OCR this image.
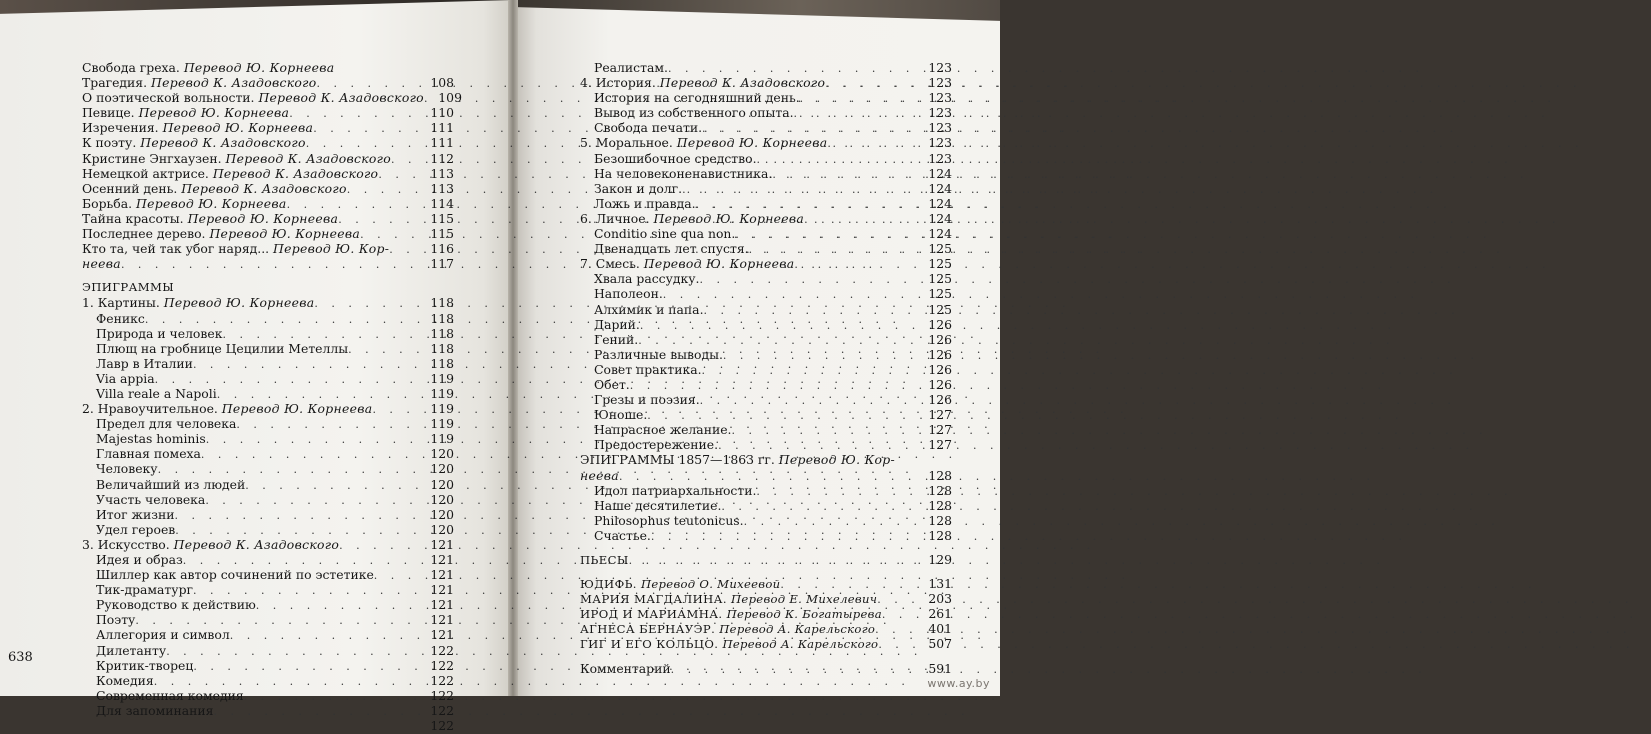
Свобода греха. Перевод Ю. Корнеева
Трагедия. Перевод К. Азадовского . . .	108
О поэтической вольности. Перевод К. Азадовского . . .	109
Певице. Перевод Ю. Корнеева . . .	110
Изречения. Перевод Ю. Корнеева . . .	111
К поэту. Перевод К. Азадовского . . .	111
Кристине Энгхаузен. Перевод К. Азадовского . . .	112
Немецкой актрисе. Перевод К. Азадовского . . .	113
Осенний день. Перевод К. Азадовского . . .	113
Борьба. Перевод Ю. Корнеева . . .	114
Тайна красоты. Перевод Ю. Корнеева . . .	115
Последнее дерево. Перевод Ю. Корнеева . . .	115
Кто та, чей так убог наряд... Перевод Ю. Кор- . . .	116
неева . . .	117
ЭПИГРАММЫ
1. Картины. Перевод Ю. Корнеева . . .	118
Феникс . . .	118
Природа и человек . . .	118
Плющ на гробнице Цецилии Метеллы . . .	118
Лавр в Италии . . .	118
Via appia . . .	119
Villa reale a Napoli . . .	119
2. Нравоучительное. Перевод Ю. Корнеева . . .	119
Предел для человека . . .	119
Majestas hominis . . .	119
Главная помеха . . .	120
Человеку . . .	120
Величайший из людей . . .	120
Участь человека . . .	120
Итог жизни . . .	120
Удел героев . . .	120
3. Искусство. Перевод К. Азадовского . . .	121
Идея и образ . . .	121
Шиллер как автор сочинений по эстетике . . .	121
Тик-драматург . . .	121
Руководство к действию . . .	121
Поэту . . .	121
Аллегория и символ . . .	121
Дилетанту . . .	122
Критик-творец . . .	122
Комедия . . .	122
Современная комедия . . .	122
Для запоминания . . .	122
122
Реалистам. . . .	123
4. История. Перевод К. Азадовского . . .	123
История на сегодняшний день. . . .	123
Вывод из собственного опыта. . . .	123
Свобода печати. . . .	123
5. Моральное. Перевод Ю. Корнеева . . .	123
Безошибочное средство. . . .	123
На человеконенавистника. . . .	124
Закон и долг. . . .	124
Ложь и правда. . . .	124
6. Личное. Перевод Ю. Корнеева . . .	124
Conditio sine qua non. . . .	124
Двенадцать лет спустя. . . .	125
7. Смесь. Перевод Ю. Корнеева . . .	125
Хвала рассудку. . . .	125
Наполеон. . . .	125
Алхимик и папа. . . .	125
Дарий. . . .	126
Гений. . . .	126
Различные выводы. . . .	126
Совет практика. . . .	126
Обет. . . .	126
Грезы и поэзия. . . .	126
Юноше. . . .	127
Напрасное желание. . . .	127
Предостережение. . . .	127
ЭПИГРАММЫ 1857—1863 гг. Перевод Ю. Кор-
неева . . .	128
Идол патриархальности. . . .	128
Наше десятилетие. . . .	128
Philosophus teutonicus. . . .	128
Счастье. . . .	128
ПЬЕСЫ . . .	129
ЮДИФЬ. Перевод О. Михеевой . . .	131
МАРИЯ МАГДАЛИНА. Перевод Е. Михелевич . . .	203
ИРОД И МАРИАМНА. Перевод К. Богатырева . . .	261
АГНЕСА БЕРНАУЭР. Перевод А. Карельского . . .	401
ГИГ И ЕГО КОЛЬЦО. Перевод А. Карельского . . .	507
Комментарий . . .	591
638
www.ay.by
